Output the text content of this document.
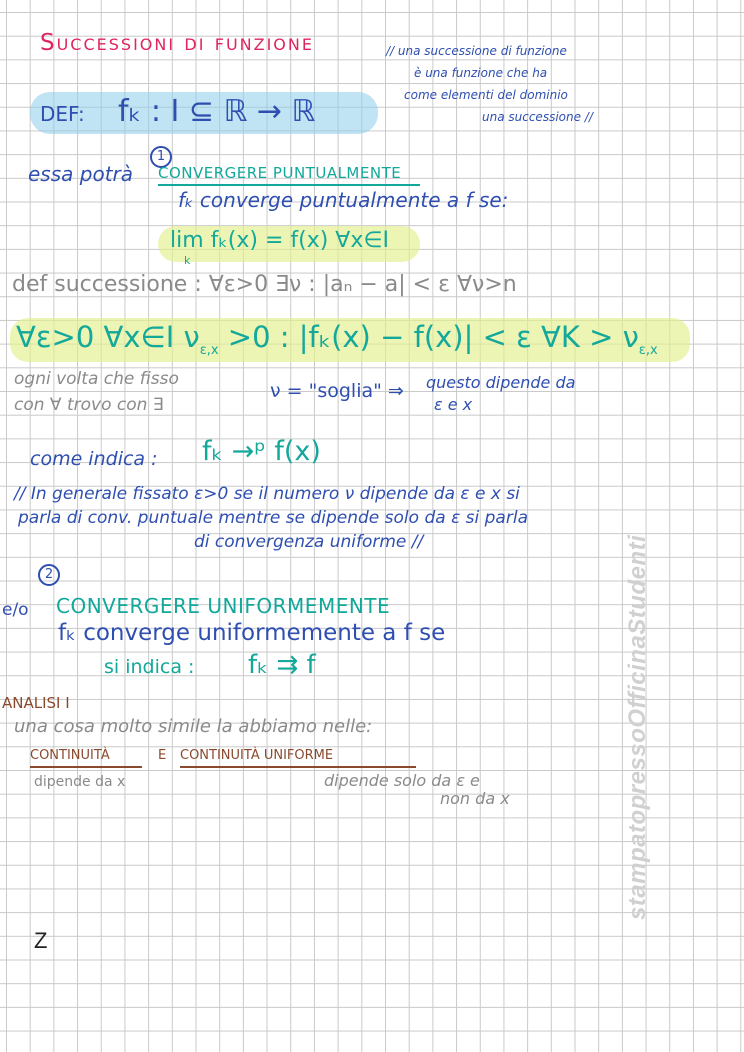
Successioni di funzione	// una successione di funzione
è una funzione che ha
come elementi del dominio
una successione //
DEF: fₖ : I ⊆ ℝ → ℝ
1
essa potrà CONVERGERE PUNTUALMENTE
fₖ converge puntualmente a f se:
lim fₖ(x) = f(x) ∀x∈I
k
def successione : ∀ε>0 ∃ν : |aₙ − a| < ε ∀ν>n
∀ε>0 ∀x∈I $\nu_{\varepsilon,x} >0$ : |fₖ(x) − f(x)| < ε ∀K > $\nu_{\varepsilon,x}$
ogni volta che fisso
con ∀ trovo con ∃
ν = "soglia" ⇒ questo dipende da
ε e x
come indica : fₖ →ᵖ f(x)
// In generale fissato ε>0 se il numero ν dipende da ε e x si
parla di conv. puntuale mentre se dipende solo da ε si parla
di convergenza uniforme //
2
e/o CONVERGERE UNIFORMEMENTE
fₖ converge uniformemente a f se
si indica : fₖ ⇉ f
ANALISI I
una cosa molto simile la abbiamo nelle:
CONTINUITÀ	E CONTINUITÀ UNIFORME
dipende da x	dipende solo da ε e
non da x
Z
stampatopressoOfficinaStudenti
